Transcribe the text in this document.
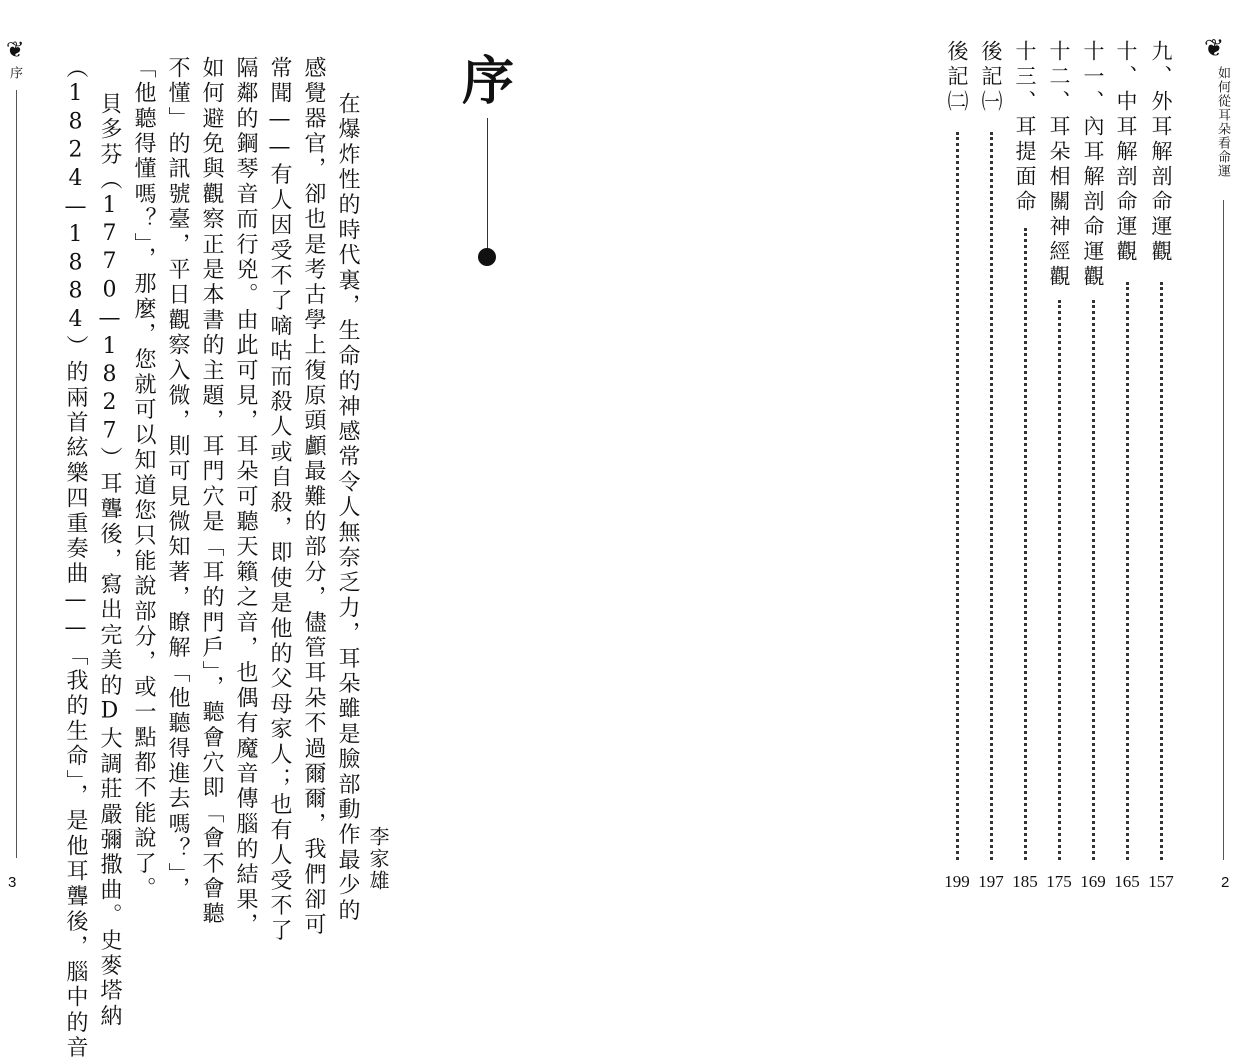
❦
序
3	在爆炸性的時代裏，生命的神感常令人無奈乏力，耳朵雖是臉部動作最少的
感覺器官，卻也是考古學上復原頭顱最難的部分，儘管耳朵不過爾爾，我們卻可
常聞——有人因受不了嘀咕而殺人或自殺，即使是他的父母家人；也有人受不了
隔鄰的鋼琴音而行兇。由此可見，耳朵可聽天籟之音，也偶有魔音傳腦的結果，
如何避免與觀察正是本書的主題，耳門穴是「耳的門戶」，聽會穴即「會不會聽
不懂」的訊號臺，平日觀察入微，則可見微知著，瞭解「他聽得進去嗎？」，
「他聽得懂嗎？」，那麼，您就可以知道您只能說部分，或一點都不能說了。
貝多芬（1770—1827）耳聾後，寫出完美的D大調莊嚴彌撒曲。史麥塔納
（1824—1884）的兩首絃樂四重奏曲——「我的生命」，是他耳聾後，腦中的音	李家雄
序
❦
如何從耳朵看命運
2
九、外耳解剖命運觀
157
十、中耳解剖命運觀
165
十一、內耳解剖命運觀
169
十二、耳朵相關神經觀
175
十三、耳提面命
185
後記㈠
197
後記㈡
199
